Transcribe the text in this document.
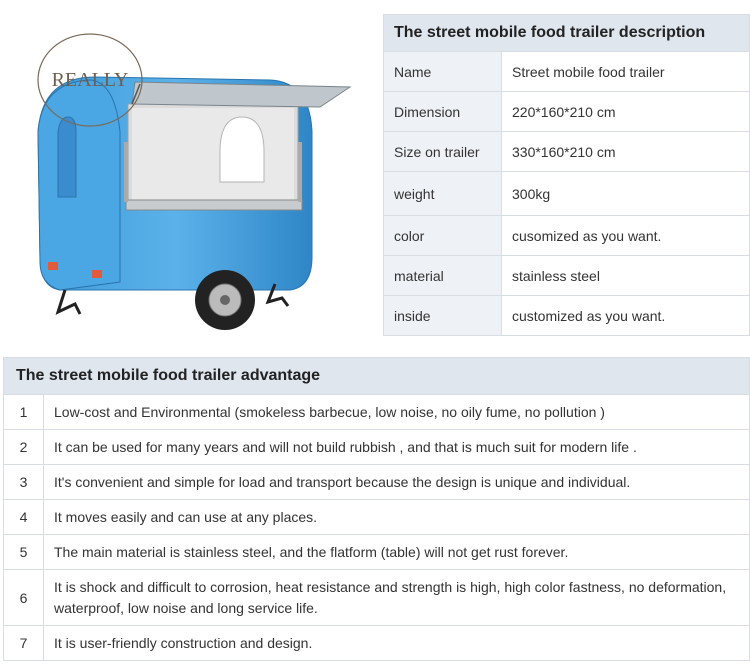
REALLY
The street mobile food trailer description	
Name	Street mobile food trailer
Dimension	220*160*210 cm
Size on trailer	330*160*210 cm
weight	300kg
color	cusomized as you want.
material	stainless steel
inside	customized as you want.
The street mobile food trailer advantage	
1	Low-cost and Environmental (smokeless barbecue, low noise, no oily fume, no pollution )
2	It can be used for many years and will not build rubbish , and that is much suit for modern life .
3	It's convenient and simple for load and transport because the design is unique and individual.
4	It moves easily and can use at any places.
5	The main material is stainless steel, and the flatform (table) will not get rust forever.
6	It is shock and difficult to corrosion, heat resistance and strength is high, high color fastness, no deformation, waterproof, low noise and long service life.
7	It is user-friendly construction and design.
